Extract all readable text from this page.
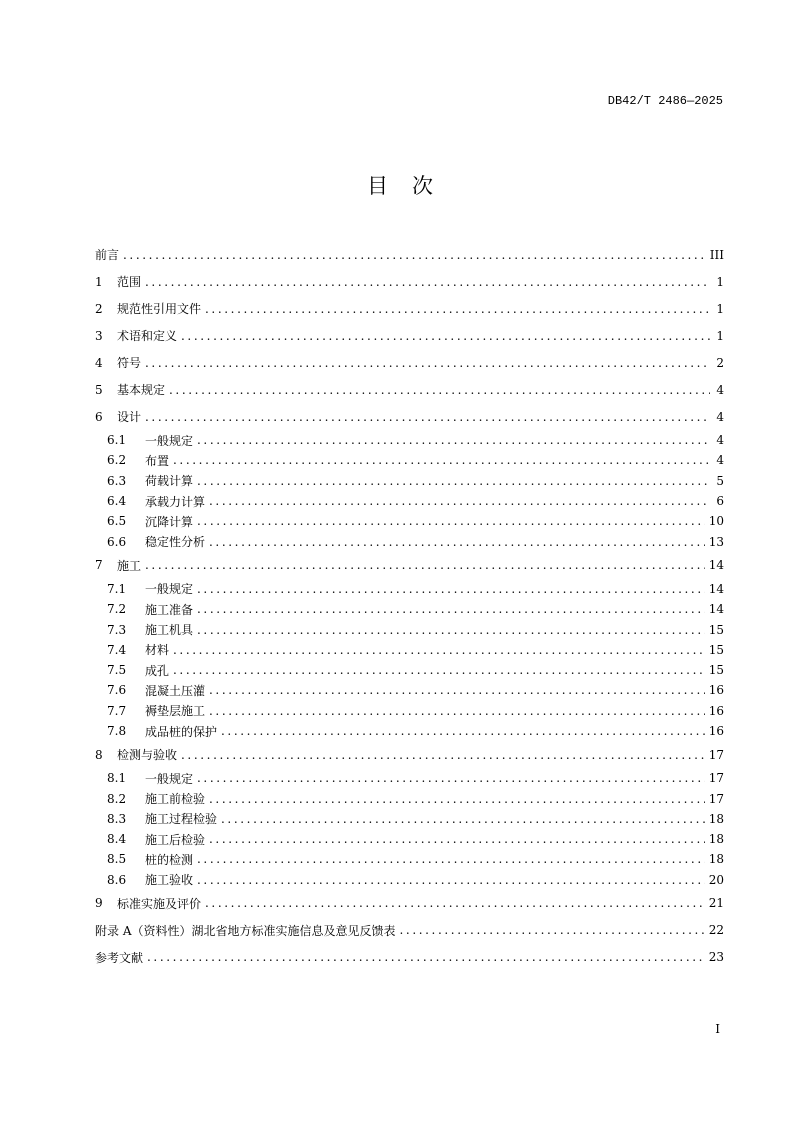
DB42/T 2486—2025
目次
前言 .....	III
1	范围 .....	1
2	规范性引用文件 .....	1
3	术语和定义 .....	1
4	符号 .....	2
5	基本规定 .....	4
6	设计 .....	4
6.1	一般规定 .....	4
6.2	布置 .....	4
6.3	荷载计算 .....	5
6.4	承载力计算 .....	6
6.5	沉降计算 .....	10
6.6	稳定性分析 .....	13
7	施工 .....	14
7.1	一般规定 .....	14
7.2	施工准备 .....	14
7.3	施工机具 .....	15
7.4	材料 .....	15
7.5	成孔 .....	15
7.6	混凝土压灌 .....	16
7.7	褥垫层施工 .....	16
7.8	成品桩的保护 .....	16
8	检测与验收 .....	17
8.1	一般规定 .....	17
8.2	施工前检验 .....	17
8.3	施工过程检验 .....	18
8.4	施工后检验 .....	18
8.5	桩的检测 .....	18
8.6	施工验收 .....	20
9	标准实施及评价 .....	21
附录 A（资料性）湖北省地方标准实施信息及意见反馈表 .....	22
参考文献 .....	23
I
